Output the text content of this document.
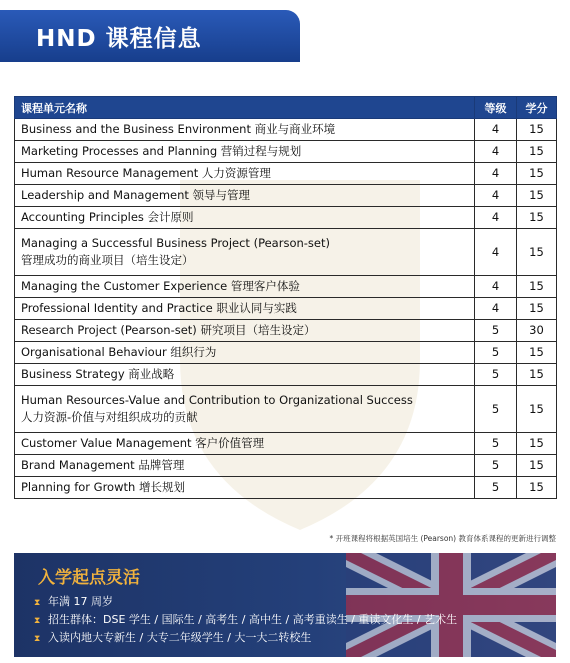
HND 课程信息
课程单元名称	等级	学分
Business and the Business Environment 商业与商业环境	4	15
Marketing Processes and Planning 营销过程与规划	4	15
Human Resource Management 人力资源管理	4	15
Leadership and Management 领导与管理	4	15
Accounting Principles 会计原则	4	15

Managing a Successful Business Project (Pearson-set)
管理成功的商业项目（培生设定）	4	15
Managing the Customer Experience 管理客户体验	4	15
Professional Identity and Practice 职业认同与实践	4	15
Research Project (Pearson-set) 研究项目（培生设定）	5	30
Organisational Behaviour 组织行为	5	15
Business Strategy 商业战略	5	15

Human Resources-Value and Contribution to Organizational Success
人力资源-价值与对组织成功的贡献	5	15
Customer Value Management 客户价值管理	5	15
Brand Management 品牌管理	5	15
Planning for Growth 增长规划	5	15
* 开班课程将根据英国培生 (Pearson) 教育体系课程的更新进行调整
入学起点灵活
⧗ 年满 17 周岁
⧗ 招生群体：DSE 学生 / 国际生 / 高考生 / 高中生 / 高考重读生 / 重读文化生 / 艺术生
⧗ 入读内地大专新生 / 大专二年级学生 / 大一大二转校生
